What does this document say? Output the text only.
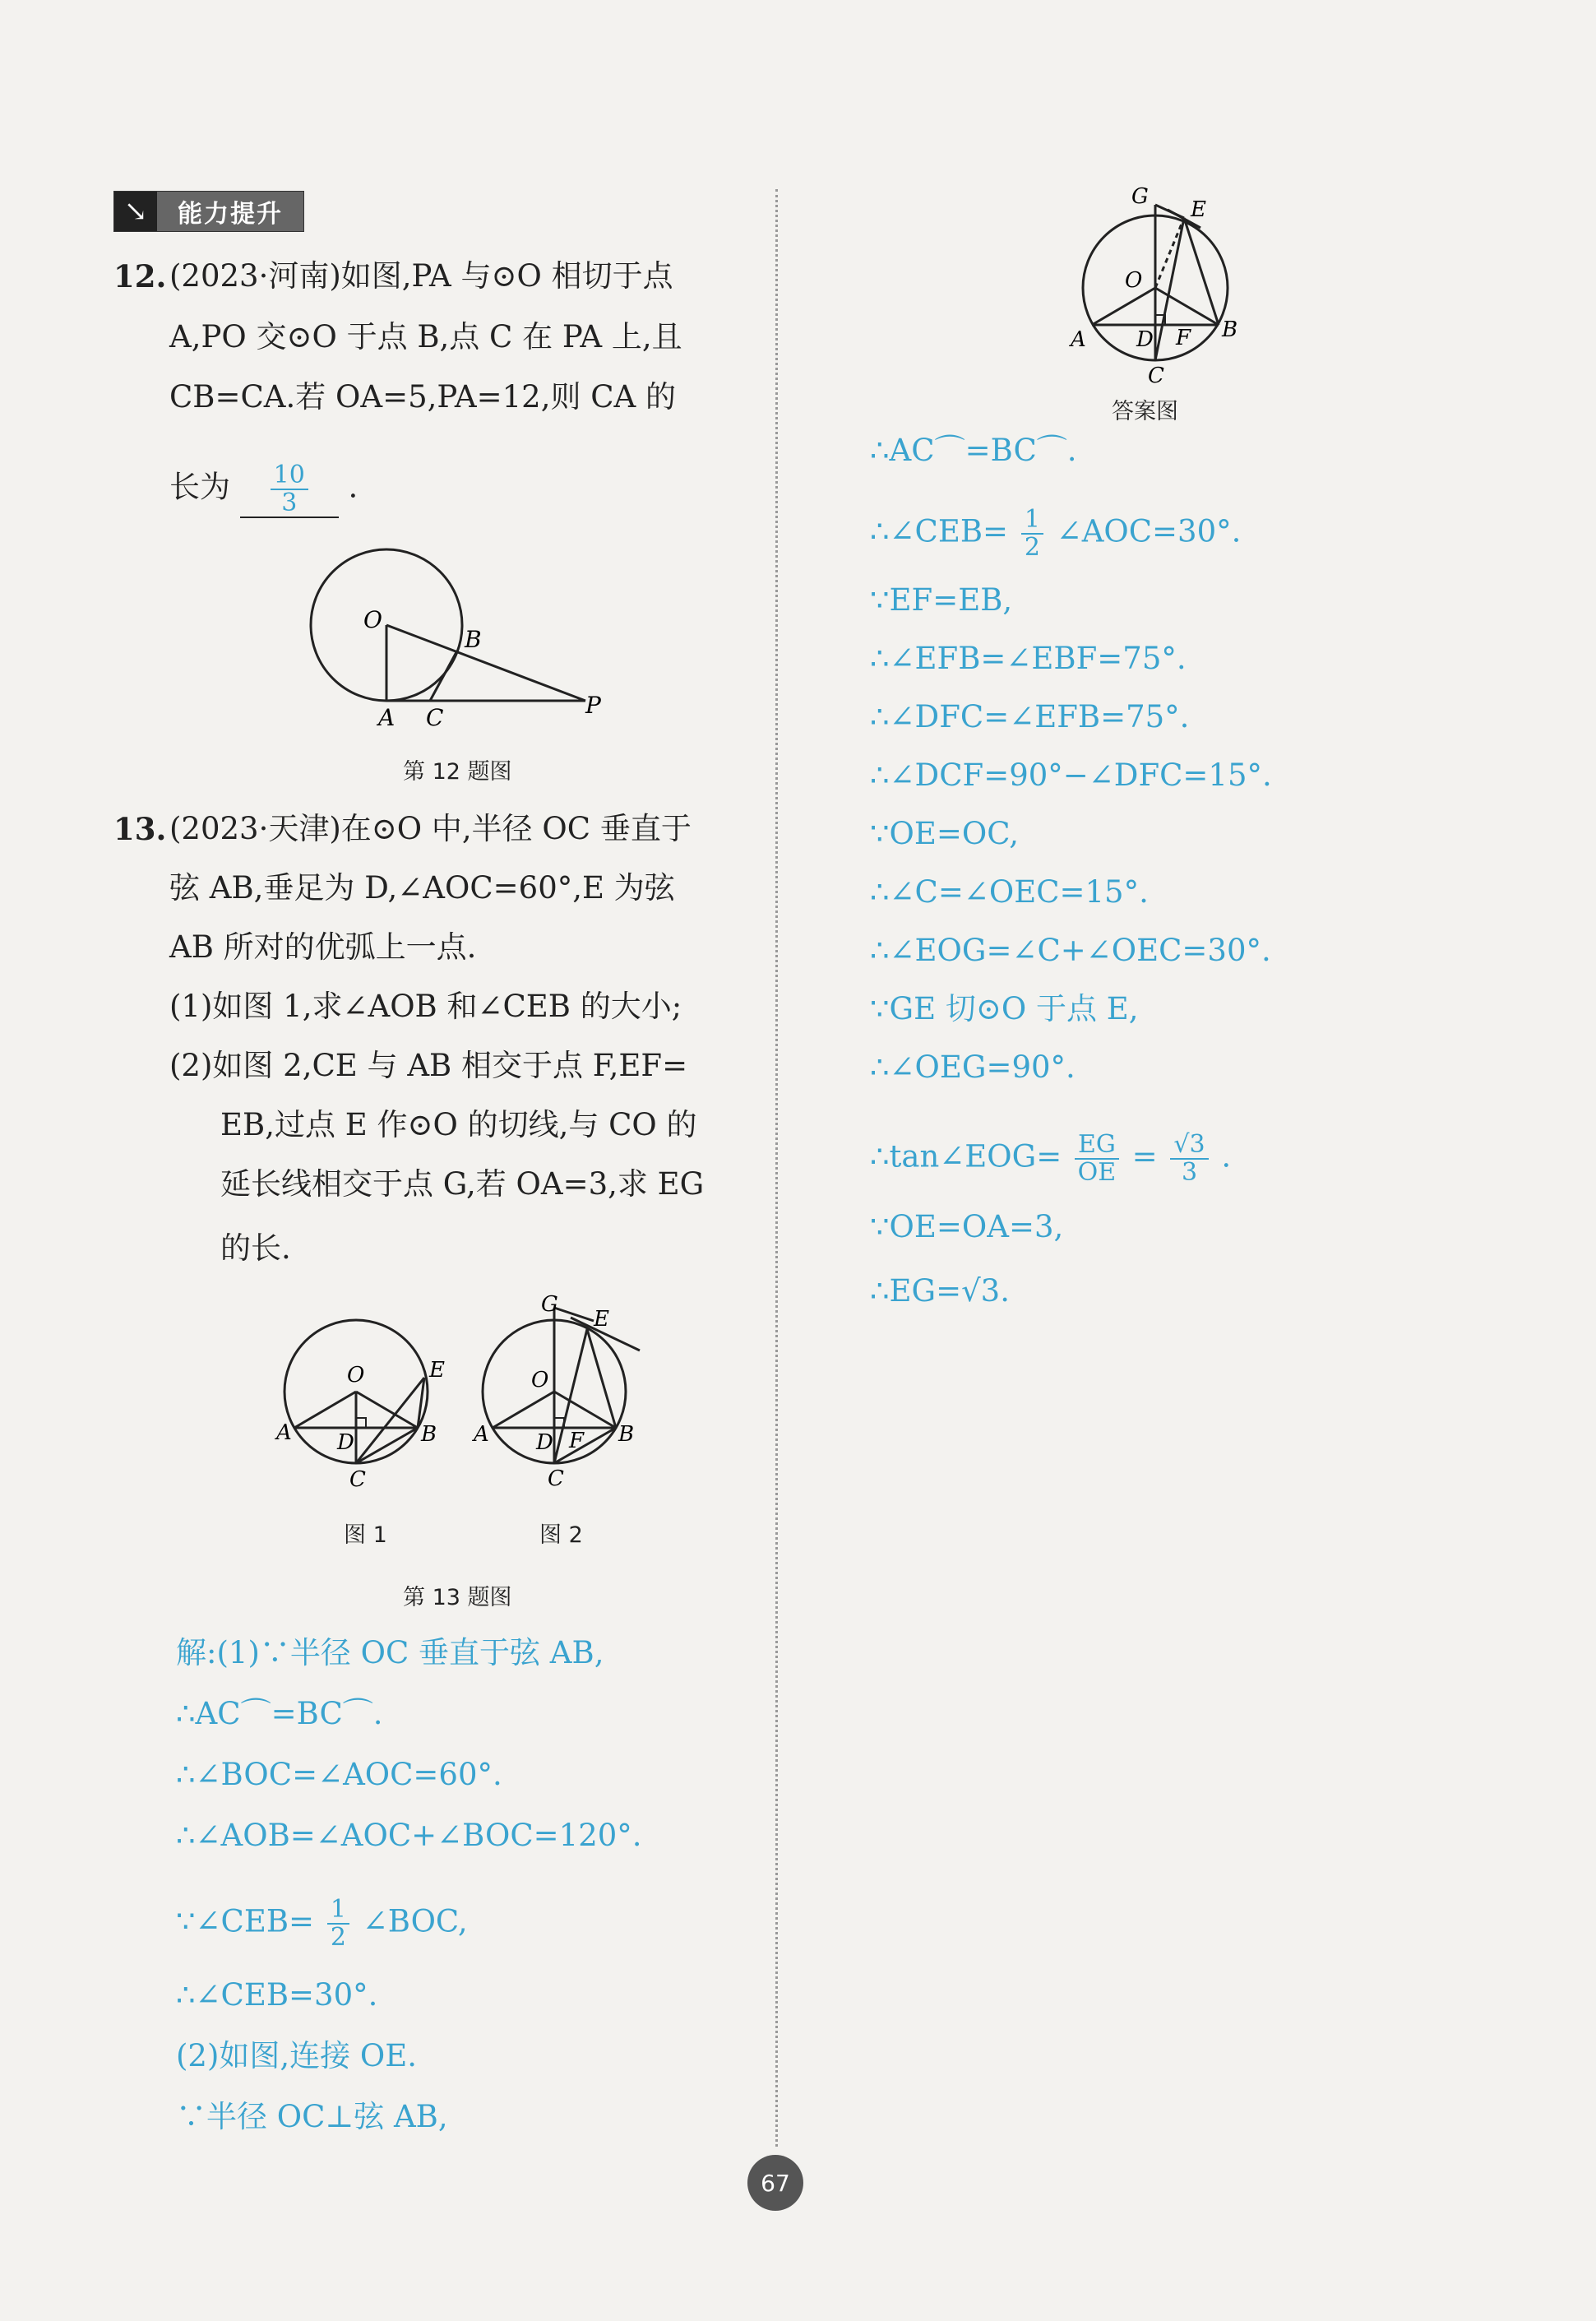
↘	能力提升
12. (2023·河南)如图,PA 与⊙O 相切于点
A,PO 交⊙O 于点 B,点 C 在 PA 上,且
CB=CA.若 OA=5,PA=12,则 CA 的
长为 $\frac{10}{3}$ .
O
B
A C	P
第 12 题图
13. (2023·天津)在⊙O 中,半径 OC 垂直于
弦 AB,垂足为 D,∠AOC=60°,E 为弦
AB 所对的优弧上一点.
(1)如图 1,求∠AOB 和∠CEB 的大小;
(2)如图 2,CE 与 AB 相交于点 F,EF=
EB,过点 E 作⊙O 的切线,与 CO 的
延长线相交于点 G,若 OA=3,求 EG
的长.
O	E
A	B
D
C
图 1
G
E
O
A	B
D F
C
图 2
第 13 题图
解:(1)∵半径 OC 垂直于弦 AB,
∴AC⌒=BC⌒.
∴∠BOC=∠AOC=60°.
∴∠AOB=∠AOC+∠BOC=120°.
∵∠CEB= $\frac{1}{2}$ ∠BOC,
∴∠CEB=30°.
(2)如图,连接 OE.
∵半径 OC⊥弦 AB,
G
E
O
A	B
D F
C
答案图
∴AC⌒=BC⌒.
∴∠CEB= $\frac{1}{2}$ ∠AOC=30°.
∵EF=EB,
∴∠EFB=∠EBF=75°.
∴∠DFC=∠EFB=75°.
∴∠DCF=90°−∠DFC=15°.
∵OE=OC,
∴∠C=∠OEC=15°.
∴∠EOG=∠C+∠OEC=30°.
∵GE 切⊙O 于点 E,
∴∠OEG=90°.
∴tan∠EOG= $\frac{EG}{OE} = \frac{√3}{3}$ .
∵OE=OA=3,
∴EG=√3.
67
